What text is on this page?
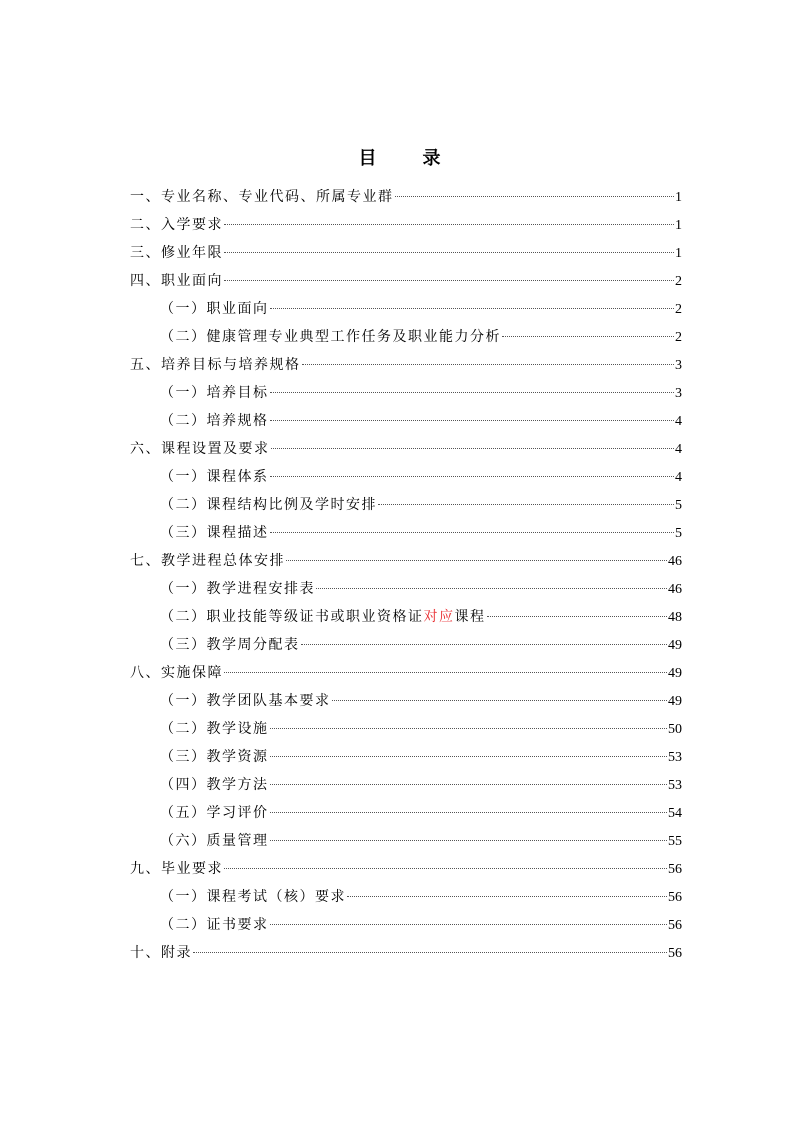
目　录
一、专业名称、专业代码、所属专业群	1
二、入学要求	1
三、修业年限	1
四、职业面向	2
（一）职业面向	2
（二）健康管理专业典型工作任务及职业能力分析	2
五、培养目标与培养规格	3
（一）培养目标	3
（二）培养规格	4
六、课程设置及要求	4
（一）课程体系	4
（二）课程结构比例及学时安排	5
（三）课程描述	5
七、教学进程总体安排	46
（一）教学进程安排表	46
（二）职业技能等级证书或职业资格证对应课程	48
（三）教学周分配表	49
八、实施保障	49
（一）教学团队基本要求	49
（二）教学设施	50
（三）教学资源	53
（四）教学方法	53
（五）学习评价	54
（六）质量管理	55
九、毕业要求	56
（一）课程考试（核）要求	56
（二）证书要求	56
十、附录	56
